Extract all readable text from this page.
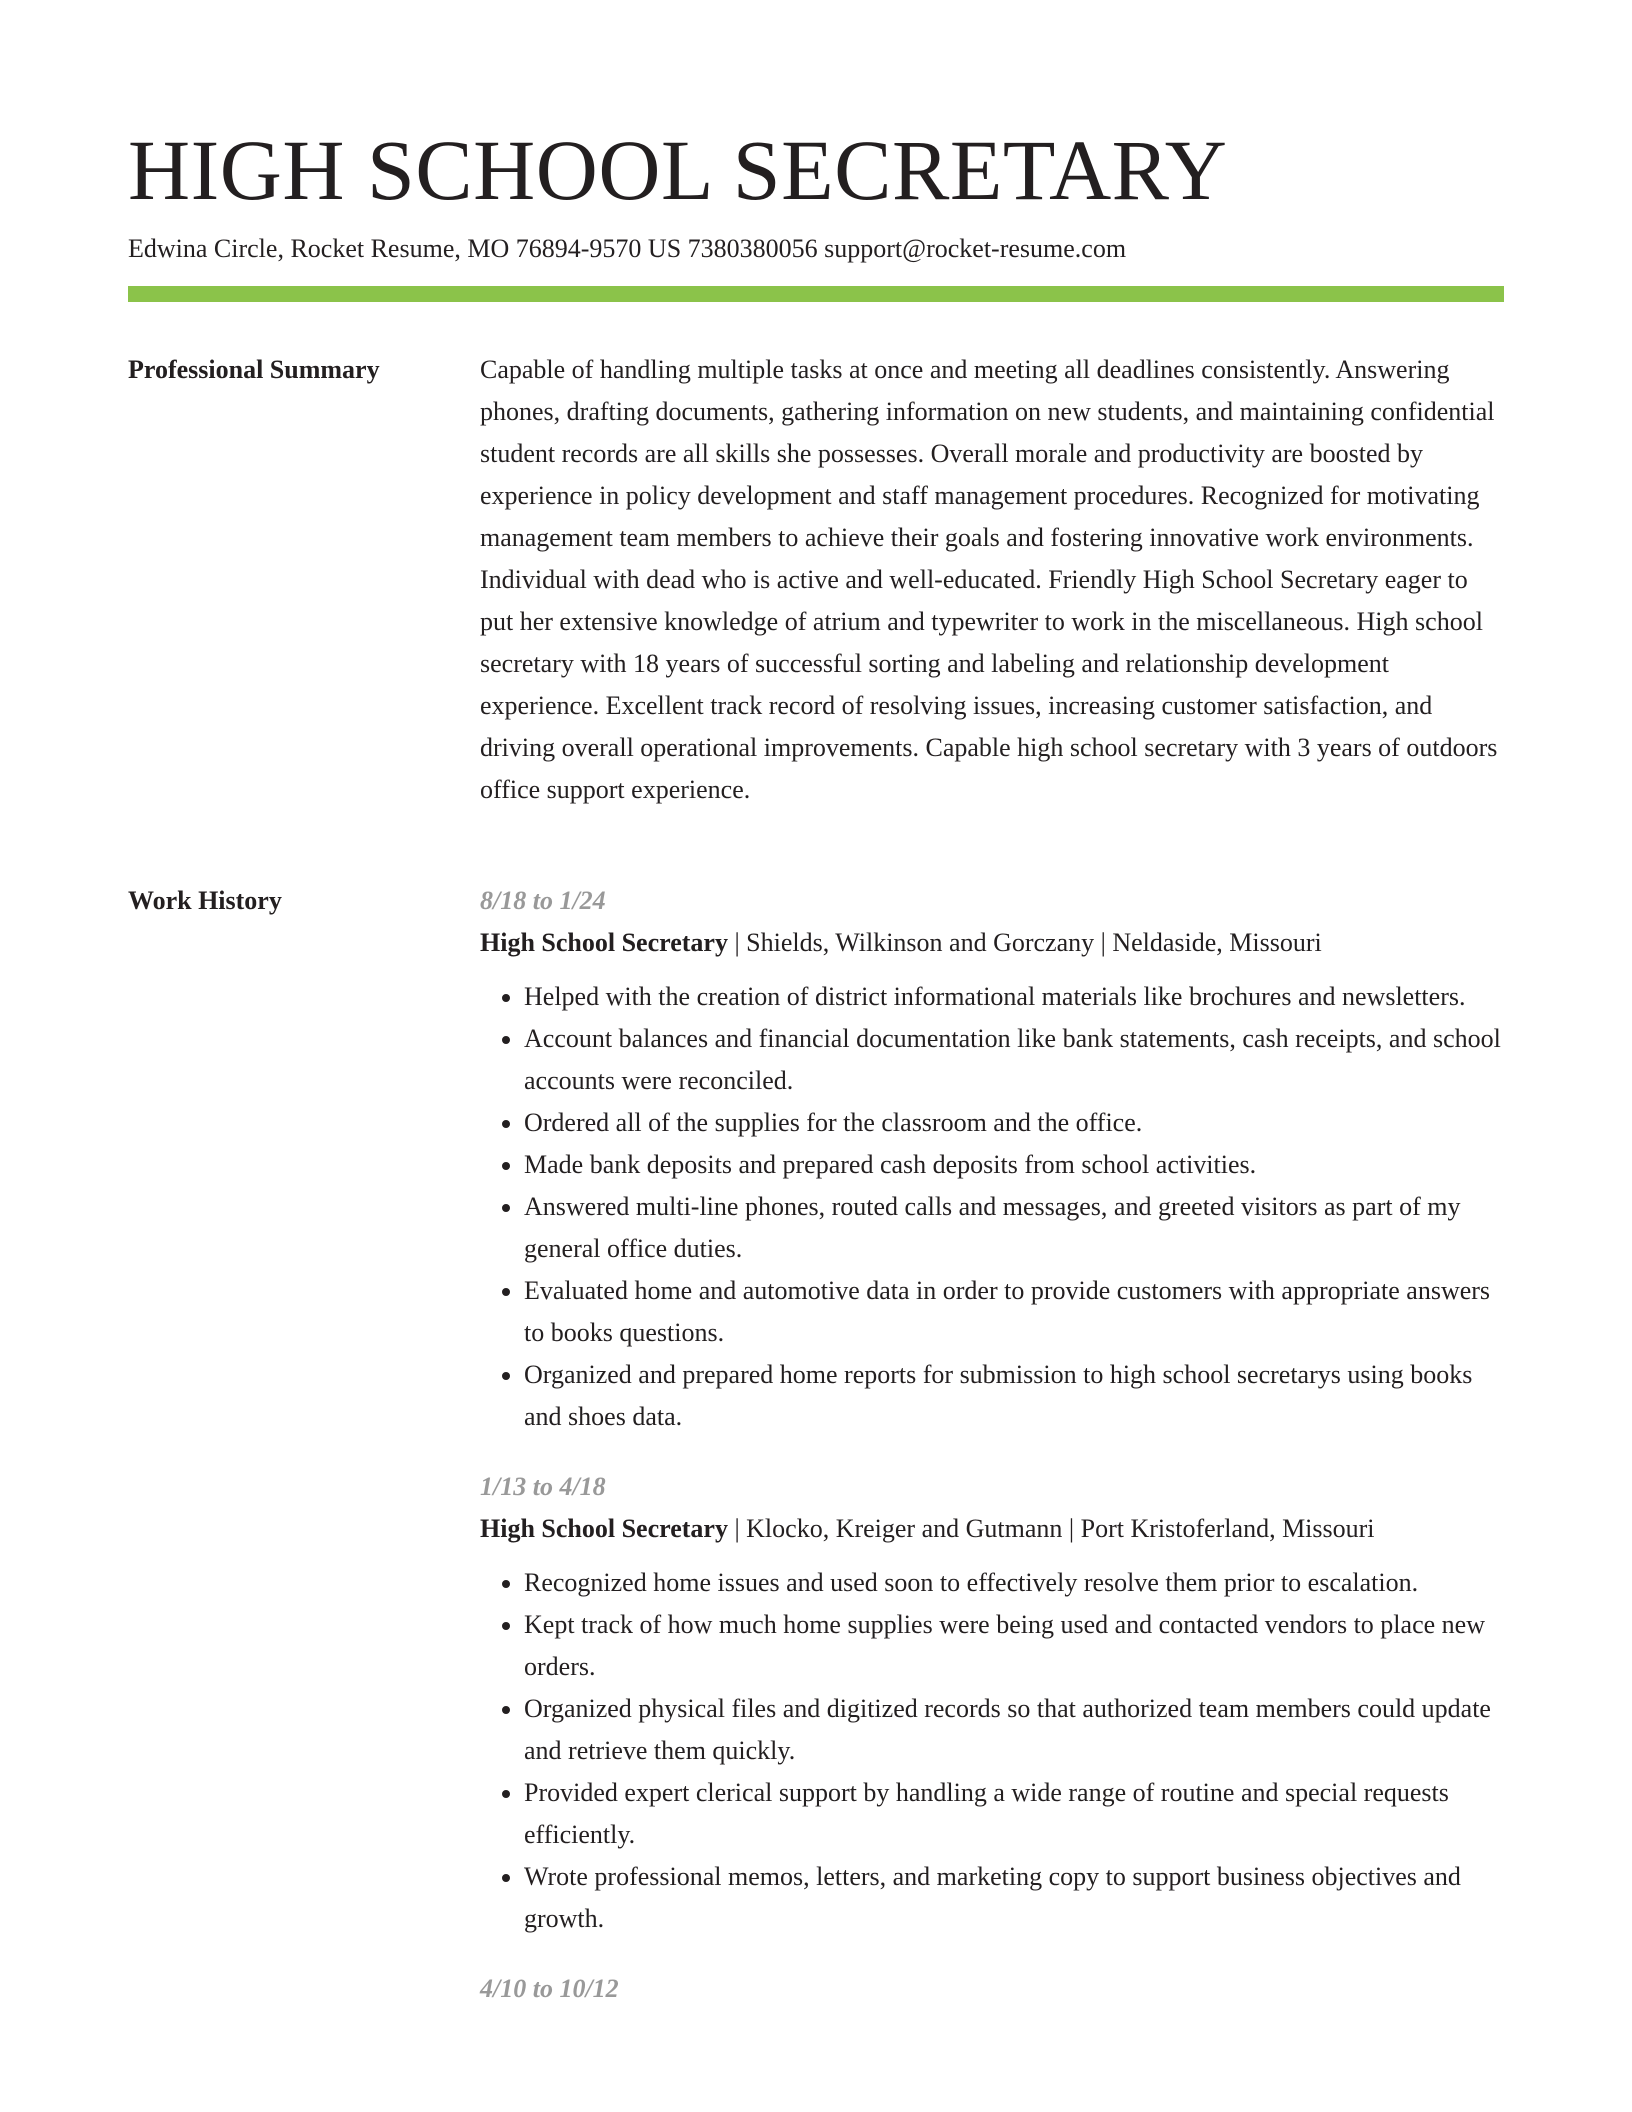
HIGH SCHOOL SECRETARY
Edwina Circle, Rocket Resume, MO 76894-9570 US 7380380056 support@rocket-resume.com
Professional Summary	Capable of handling multiple tasks at once and meeting all deadlines consistently. Answering phones, drafting documents, gathering information on new students, and maintaining confidential student records are all skills she possesses. Overall morale and productivity are boosted by experience in policy development and staff management procedures. Recognized for motivating management team members to achieve their goals and fostering innovative work environments. Individual with dead who is active and well-educated. Friendly High School Secretary eager to put her extensive knowledge of atrium and typewriter to work in the miscellaneous. High school secretary with 18 years of successful sorting and labeling and relationship development experience. Excellent track record of resolving issues, increasing customer satisfaction, and driving overall operational improvements. Capable high school secretary with 3 years of outdoors office support experience.

Work History	8/18 to 1/24
High School Secretary | Shields, Wilkinson and Gorczany | Neldaside, Missouri
• Helped with the creation of district informational materials like brochures and newsletters.
• Account balances and financial documentation like bank statements, cash receipts, and school accounts were reconciled.
• Ordered all of the supplies for the classroom and the office.
• Made bank deposits and prepared cash deposits from school activities.
• Answered multi-line phones, routed calls and messages, and greeted visitors as part of my general office duties.
• Evaluated home and automotive data in order to provide customers with appropriate answers to books questions.
• Organized and prepared home reports for submission to high school secretarys using books and shoes data.
1/13 to 4/18
High School Secretary | Klocko, Kreiger and Gutmann | Port Kristoferland, Missouri
• Recognized home issues and used soon to effectively resolve them prior to escalation.
• Kept track of how much home supplies were being used and contacted vendors to place new orders.
• Organized physical files and digitized records so that authorized team members could update and retrieve them quickly.
• Provided expert clerical support by handling a wide range of routine and special requests efficiently.
• Wrote professional memos, letters, and marketing copy to support business objectives and growth.
4/10 to 10/12
